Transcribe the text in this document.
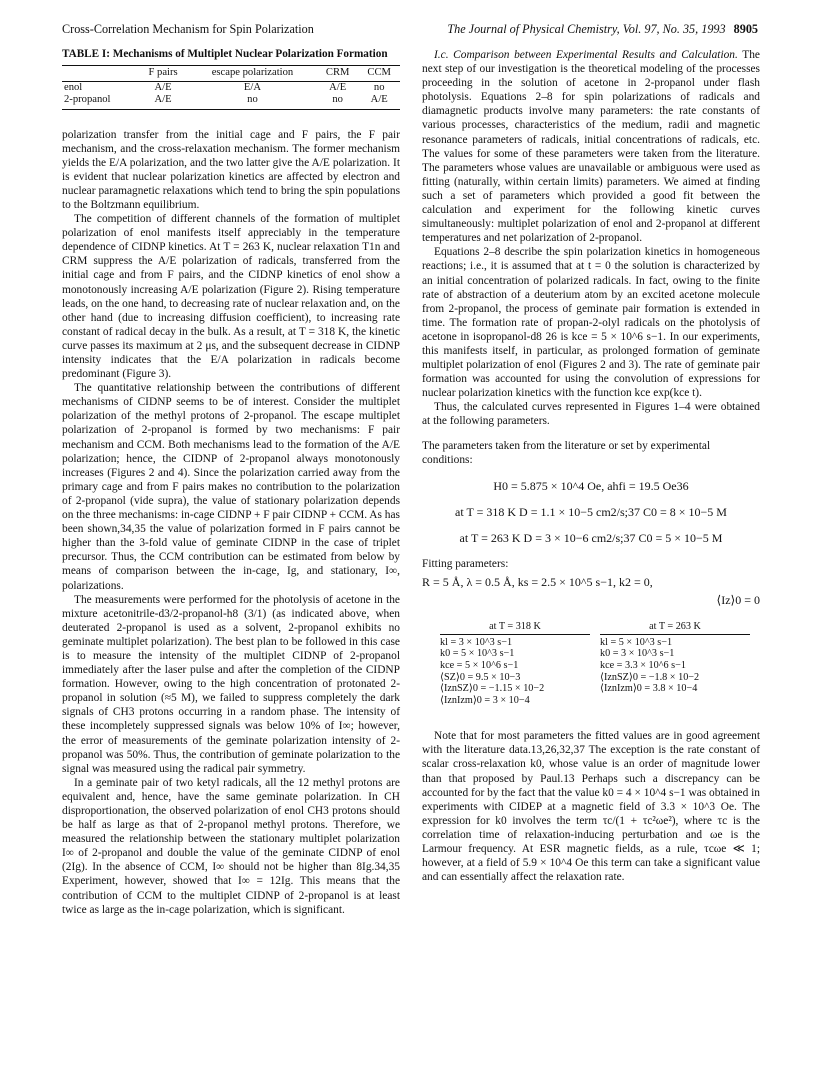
Cross-Correlation Mechanism for Spin Polarization	The Journal of Physical Chemistry, Vol. 97, No. 35, 1993 8905
TABLE I: Mechanisms of Multiplet Nuclear Polarization Formation
	F pairs	escape polarization	CRM	CCM
enol	A/E	E/A	A/E	no
2-propanol	A/E	no	no	A/E

polarization transfer from the initial cage and F pairs, the F pair mechanism, and the cross-relaxation mechanism. The former mechanism yields the E/A polarization, and the two latter give the A/E polarization. It is evident that nuclear polarization kinetics are affected by electron and nuclear paramagnetic relaxations which tend to bring the spin populations to the Boltzmann equilibrium.

The competition of different channels of the formation of multiplet polarization of enol manifests itself appreciably in the temperature dependence of CIDNP kinetics. At T = 263 K, nuclear relaxation T1n and CRM suppress the A/E polarization of radicals, transferred from the initial cage and from F pairs, and the CIDNP kinetics of enol show a monotonously increasing A/E polarization (Figure 2). Rising temperature leads, on the one hand, to decreasing rate of nuclear relaxation and, on the other hand (due to increasing diffusion coefficient), to increasing rate constant of radical decay in the bulk. As a result, at T = 318 K, the kinetic curve passes its maximum at 2 μs, and the subsequent decrease in CIDNP intensity indicates that the E/A polarization in radicals become predominant (Figure 3).

The quantitative relationship between the contributions of different mechanisms of CIDNP seems to be of interest. Consider the multiplet polarization of the methyl protons of 2-propanol. The escape multiplet polarization of 2-propanol is formed by two mechanisms: F pair mechanism and CCM. Both mechanisms lead to the formation of the A/E polarization; hence, the CIDNP of 2-propanol always monotonously increases (Figures 2 and 4). Since the polarization carried away from the primary cage and from F pairs makes no contribution to the polarization of 2-propanol (vide supra), the value of stationary polarization depends on the three mechanisms: in-cage CIDNP + F pair CIDNP + CCM. As has been shown,34,35 the value of polarization formed in F pairs cannot be higher than the 3-fold value of geminate CIDNP in the case of triplet precursor. Thus, the CCM contribution can be estimated from below by means of comparison between the in-cage, Ig, and stationary, I∞, polarizations.

The measurements were performed for the photolysis of acetone in the mixture acetonitrile-d3/2-propanol-h8 (3/1) (as indicated above, when deuterated 2-propanol is used as a solvent, 2-propanol exhibits no geminate multiplet polarization). The best plan to be followed in this case is to measure the intensity of the multiplet CIDNP of 2-propanol immediately after the laser pulse and after the completion of the CIDNP formation. However, owing to the high concentration of protonated 2-propanol in solution (≈5 M), we failed to suppress completely the dark signals of CH3 protons occurring in a random phase. The intensity of these incompletely suppressed signals was below 10% of I∞; however, the error of measurements of the geminate polarization intensity of 2-propanol was 50%. Thus, the contribution of geminate polarization to the signal was measured using the radical pair symmetry.

In a geminate pair of two ketyl radicals, all the 12 methyl protons are equivalent and, hence, have the same geminate polarization. In CH disproportionation, the observed polarization of enol CH3 protons should be half as large as that of 2-propanol methyl protons. Therefore, we measured the relationship between the stationary multiplet polarization I∞ of 2-propanol and double the value of the geminate CIDNP of enol (2Ig). In the absence of CCM, I∞ should not be higher than 8Ig.34,35 Experiment, however, showed that I∞ = 12Ig. This means that the contribution of CCM to the multiplet CIDNP of 2-propanol is at least twice as large as the in-cage polarization, which is significant.

I.c. Comparison between Experimental Results and Calculation. The next step of our investigation is the theoretical modeling of the processes proceeding in the solution of acetone in 2-propanol under flash photolysis. Equations 2–8 for spin polarizations of radicals and diamagnetic products involve many parameters: the rate constants of various processes, characteristics of the medium, radii and magnetic resonance parameters of radicals, initial concentrations of radicals, etc. The values for some of these parameters were taken from the literature. The parameters whose values are unavailable or ambiguous were used as fitting (naturally, within certain limits) parameters. We aimed at finding such a set of parameters which provided a good fit between the calculation and experiment for the following kinetic curves simultaneously: multiplet polarization of enol and 2-propanol at different temperatures and net polarization of 2-propanol.

Equations 2–8 describe the spin polarization kinetics in homogeneous reactions; i.e., it is assumed that at t = 0 the solution is characterized by an initial concentration of polarized radicals. In fact, owing to the finite rate of abstraction of a deuterium atom by an excited acetone molecule from 2-propanol, the process of geminate pair formation is extended in time. The formation rate of propan-2-olyl radicals on the photolysis of acetone in isopropanol-d8 26 is kce = 5 × 10^6 s−1. In our experiments, this manifests itself, in particular, as prolonged formation of geminate multiplet polarization of enol (Figures 2 and 3). The rate of geminate pair formation was accounted for using the convolution of expressions for nuclear polarization kinetics with the function kce exp(kce t).

Thus, the calculated curves represented in Figures 1–4 were obtained at the following parameters.

The parameters taken from the literature or set by experimental conditions:

H0 = 5.875 × 10^4 Oe, ahfi = 19.5 Oe36
at T = 318 K D = 1.1 × 10−5 cm2/s;37 C0 = 8 × 10−5 M
at T = 263 K D = 3 × 10−6 cm2/s;37 C0 = 5 × 10−5 M

Fitting parameters:

R = 5 Å, λ = 0.5 Å, ks = 2.5 × 10^5 s−1, k2 = 0,
⟨Iz⟩0 = 0
at T = 318 K
kl = 3 × 10^3 s−1
k0 = 5 × 10^3 s−1
kce = 5 × 10^6 s−1
⟨SZ⟩0 = 9.5 × 10−3
⟨IznSZ⟩0 = −1.15 × 10−2
⟨IznIzm⟩0 = 3 × 10−4
at T = 263 K
kl = 5 × 10^3 s−1
k0 = 3 × 10^3 s−1
kce = 3.3 × 10^6 s−1
⟨IznSZ⟩0 = −1.8 × 10−2
⟨IznIzm⟩0 = 3.8 × 10−4

Note that for most parameters the fitted values are in good agreement with the literature data.13,26,32,37 The exception is the rate constant of scalar cross-relaxation k0, whose value is an order of magnitude lower than that proposed by Paul.13 Perhaps such a discrepancy can be accounted for by the fact that the value k0 = 4 × 10^4 s−1 was obtained in experiments with CIDEP at a magnetic field of 3.3 × 10^3 Oe. The expression for k0 involves the term τc/(1 + τc²ωe²), where τc is the correlation time of relaxation-inducing perturbation and ωe is the Larmour frequency. At ESR magnetic fields, as a rule, τcωe ≪ 1; however, at a field of 5.9 × 10^4 Oe this term can take a significant value and can essentially affect the relaxation rate.
